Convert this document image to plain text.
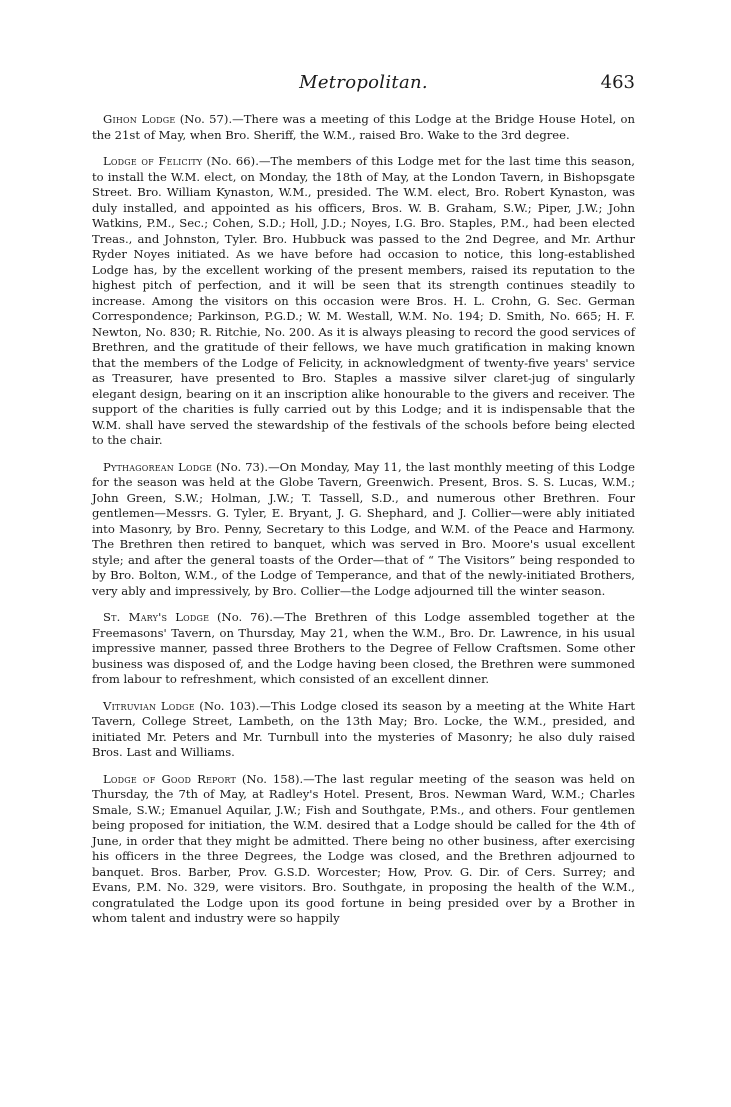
Metropolitan.	463

Gihon Lodge (No. 57).—There was a meeting of this Lodge at the Bridge House Hotel, on the 21st of May, when Bro. Sheriff, the W.M., raised Bro. Wake to the 3rd degree.

Lodge of Felicity (No. 66).—The members of this Lodge met for the last time this season, to install the W.M. elect, on Monday, the 18th of May, at the London Tavern, in Bishopsgate Street. Bro. William Kynaston, W.M., presided. The W.M. elect, Bro. Robert Kynaston, was duly installed, and appointed as his officers, Bros. W. B. Graham, S.W.; Piper, J.W.; John Watkins, P.M., Sec.; Cohen, S.D.; Holl, J.D.; Noyes, I.G. Bro. Staples, P.M., had been elected Treas., and Johnston, Tyler. Bro. Hubbuck was passed to the 2nd Degree, and Mr. Arthur Ryder Noyes initiated. As we have before had occasion to notice, this long-established Lodge has, by the excellent working of the present members, raised its reputation to the highest pitch of perfection, and it will be seen that its strength continues steadily to increase. Among the visitors on this occasion were Bros. H. L. Crohn, G. Sec. German Correspondence; Parkinson, P.G.D.; W. M. Westall, W.M. No. 194; D. Smith, No. 665; H. F. Newton, No. 830; R. Ritchie, No. 200. As it is always pleasing to record the good services of Brethren, and the gratitude of their fellows, we have much gratification in making known that the members of the Lodge of Felicity, in acknowledgment of twenty-five years' service as Treasurer, have presented to Bro. Staples a massive silver claret-jug of singularly elegant design, bearing on it an inscription alike honourable to the givers and receiver. The support of the charities is fully carried out by this Lodge; and it is indispensable that the W.M. shall have served the stewardship of the festivals of the schools before being elected to the chair.

Pythagorean Lodge (No. 73).—On Monday, May 11, the last monthly meeting of this Lodge for the season was held at the Globe Tavern, Greenwich. Present, Bros. S. S. Lucas, W.M.; John Green, S.W.; Holman, J.W.; T. Tassell, S.D., and numerous other Brethren. Four gentlemen—Messrs. G. Tyler, E. Bryant, J. G. Shephard, and J. Collier—were ably initiated into Masonry, by Bro. Penny, Secretary to this Lodge, and W.M. of the Peace and Harmony. The Brethren then retired to banquet, which was served in Bro. Moore's usual excellent style; and after the general toasts of the Order—that of “ The Visitors” being responded to by Bro. Bolton, W.M., of the Lodge of Temperance, and that of the newly-initiated Brothers, very ably and impressively, by Bro. Collier—the Lodge adjourned till the winter season.

St. Mary's Lodge (No. 76).—The Brethren of this Lodge assembled together at the Freemasons' Tavern, on Thursday, May 21, when the W.M., Bro. Dr. Lawrence, in his usual impressive manner, passed three Brothers to the Degree of Fellow Craftsmen. Some other business was disposed of, and the Lodge having been closed, the Brethren were summoned from labour to refreshment, which consisted of an excellent dinner.

Vitruvian Lodge (No. 103).—This Lodge closed its season by a meeting at the White Hart Tavern, College Street, Lambeth, on the 13th May; Bro. Locke, the W.M., presided, and initiated Mr. Peters and Mr. Turnbull into the mysteries of Masonry; he also duly raised Bros. Last and Williams.

Lodge of Good Report (No. 158).—The last regular meeting of the season was held on Thursday, the 7th of May, at Radley's Hotel. Present, Bros. Newman Ward, W.M.; Charles Smale, S.W.; Emanuel Aquilar, J.W.; Fish and Southgate, P.Ms., and others. Four gentlemen being proposed for initiation, the W.M. desired that a Lodge should be called for the 4th of June, in order that they might be admitted. There being no other business, after exercising his officers in the three Degrees, the Lodge was closed, and the Brethren adjourned to banquet. Bros. Barber, Prov. G.S.D. Worcester; How, Prov. G. Dir. of Cers. Surrey; and Evans, P.M. No. 329, were visitors. Bro. Southgate, in proposing the health of the W.M., congratulated the Lodge upon its good fortune in being presided over by a Brother in whom talent and industry were so happily
